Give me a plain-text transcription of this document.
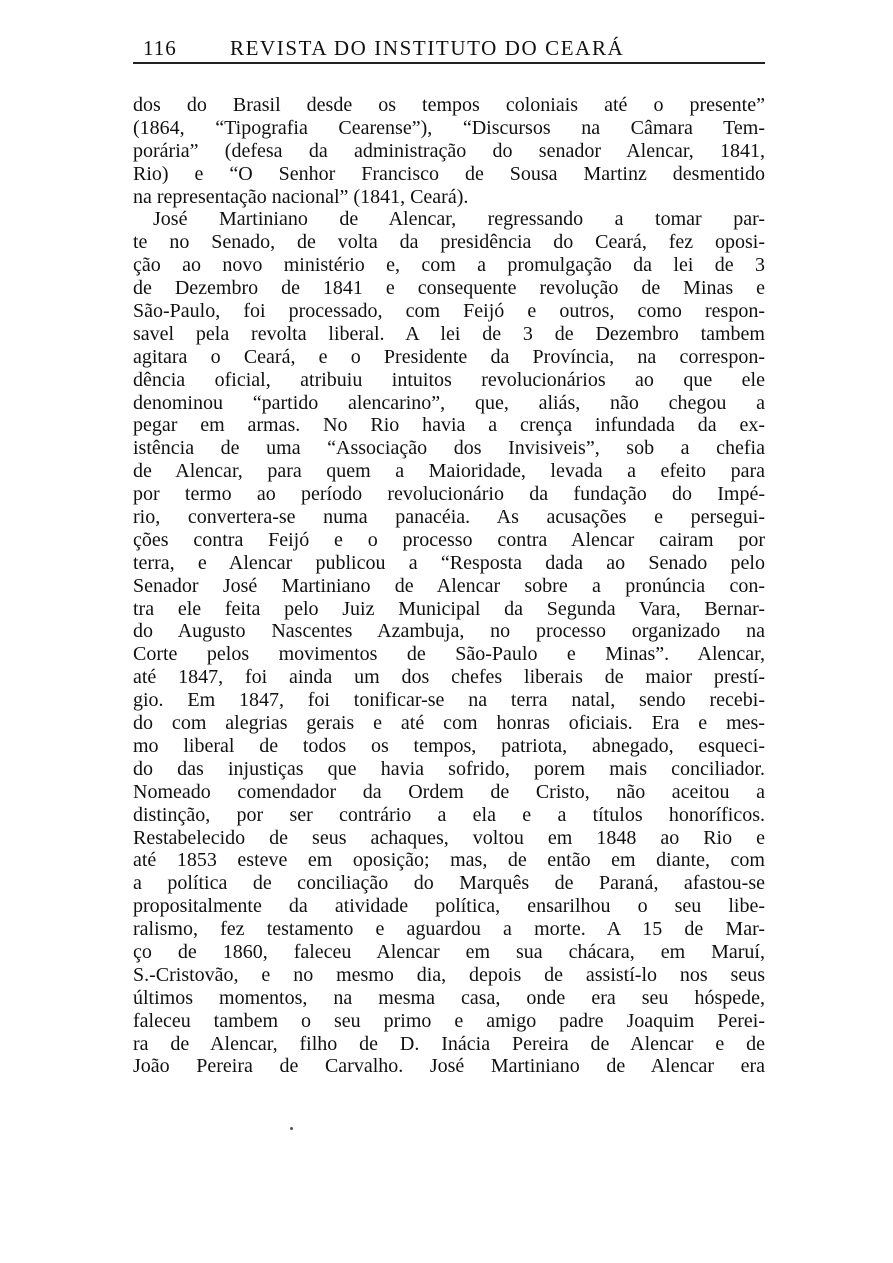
116	REVISTA DO INSTITUTO DO CEARÁ
dos do Brasil desde os tempos coloniais até o presente”
(1864, “Tipografia Cearense”), “Discursos na Câmara Tem-
porária” (defesa da administração do senador Alencar, 1841,
Rio) e “O Senhor Francisco de Sousa Martinz desmentido
na representação nacional” (1841, Ceará).
José Martiniano de Alencar, regressando a tomar par-
te no Senado, de volta da presidência do Ceará, fez oposi-
ção ao novo ministério e, com a promulgação da lei de 3
de Dezembro de 1841 e consequente revolução de Minas e
São-Paulo, foi processado, com Feijó e outros, como respon-
savel pela revolta liberal. A lei de 3 de Dezembro tambem
agitara o Ceará, e o Presidente da Província, na correspon-
dência oficial, atribuiu intuitos revolucionários ao que ele
denominou “partido alencarino”, que, aliás, não chegou a
pegar em armas. No Rio havia a crença infundada da ex-
istência de uma “Associação dos Invisiveis”, sob a chefia
de Alencar, para quem a Maioridade, levada a efeito para
por termo ao período revolucionário da fundação do Impé-
rio, convertera-se numa panacéia. As acusações e persegui-
ções contra Feijó e o processo contra Alencar cairam por
terra, e Alencar publicou a “Resposta dada ao Senado pelo
Senador José Martiniano de Alencar sobre a pronúncia con-
tra ele feita pelo Juiz Municipal da Segunda Vara, Bernar-
do Augusto Nascentes Azambuja, no processo organizado na
Corte pelos movimentos de São-Paulo e Minas”. Alencar,
até 1847, foi ainda um dos chefes liberais de maior prestí-
gio. Em 1847, foi tonificar-se na terra natal, sendo recebi-
do com alegrias gerais e até com honras oficiais. Era e mes-
mo liberal de todos os tempos, patriota, abnegado, esqueci-
do das injustiças que havia sofrido, porem mais conciliador.
Nomeado comendador da Ordem de Cristo, não aceitou a
distinção, por ser contrário a ela e a títulos honoríficos.
Restabelecido de seus achaques, voltou em 1848 ao Rio e
até 1853 esteve em oposição; mas, de então em diante, com
a política de conciliação do Marquês de Paraná, afastou-se
propositalmente da atividade política, ensarilhou o seu libe-
ralismo, fez testamento e aguardou a morte. A 15 de Mar-
ço de 1860, faleceu Alencar em sua chácara, em Maruí,
S.-Cristovão, e no mesmo dia, depois de assistí-lo nos seus
últimos momentos, na mesma casa, onde era seu hóspede,
faleceu tambem o seu primo e amigo padre Joaquim Perei-
ra de Alencar, filho de D. Inácia Pereira de Alencar e de
João Pereira de Carvalho. José Martiniano de Alencar era
